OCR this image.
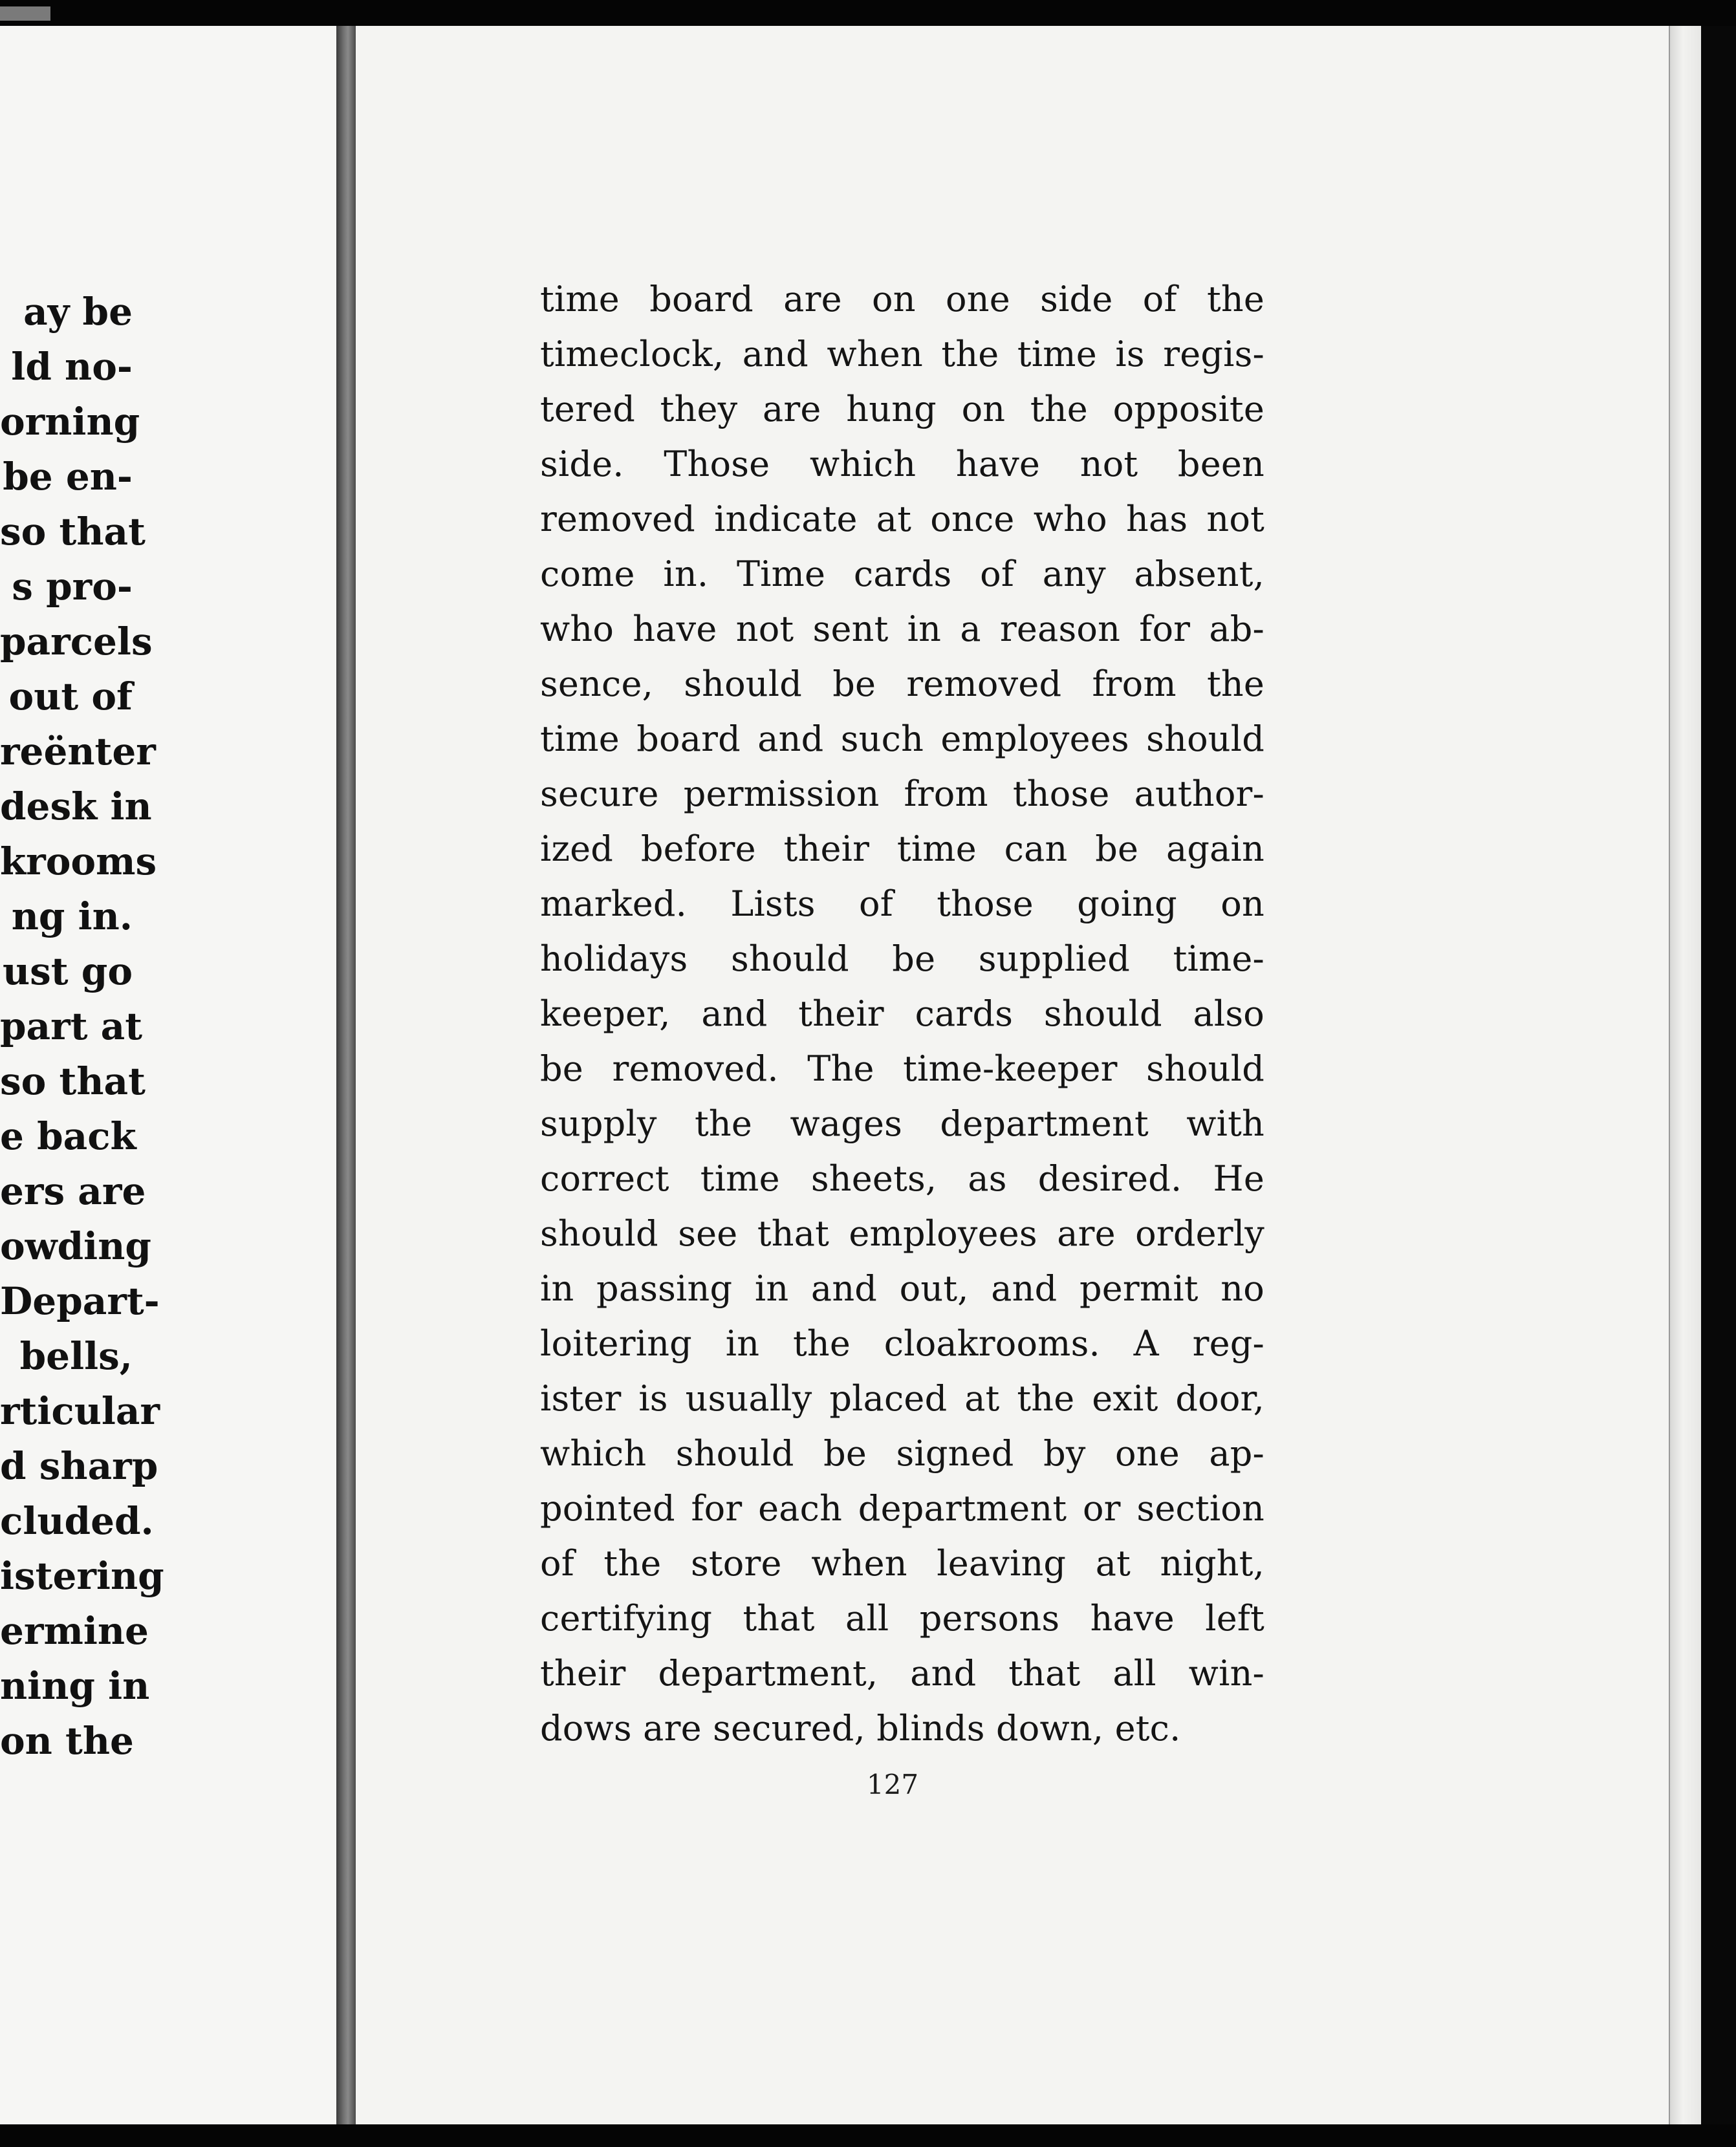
ay be
ld no-
orning
be en-
so that
s pro-
parcels
out of
reënter
desk in
krooms
ng in.
ust go
part at
so that
e back
ers are
owding
Depart-
bells,
rticular
d sharp
cluded.
istering
ermine
ning in
on the
time board are on one side of the
timeclock, and when the time is regis-
tered they are hung on the opposite
side. Those which have not been
removed indicate at once who has not
come in. Time cards of any absent,
who have not sent in a reason for ab-
sence, should be removed from the
time board and such employees should
secure permission from those author-
ized before their time can be again
marked. Lists of those going on
holidays should be supplied time-
keeper, and their cards should also
be removed. The time-keeper should
supply the wages department with
correct time sheets, as desired. He
should see that employees are orderly
in passing in and out, and permit no
loitering in the cloakrooms. A reg-
ister is usually placed at the exit door,
which should be signed by one ap-
pointed for each department or section
of the store when leaving at night,
certifying that all persons have left
their department, and that all win-
dows are secured, blinds down, etc.
127
